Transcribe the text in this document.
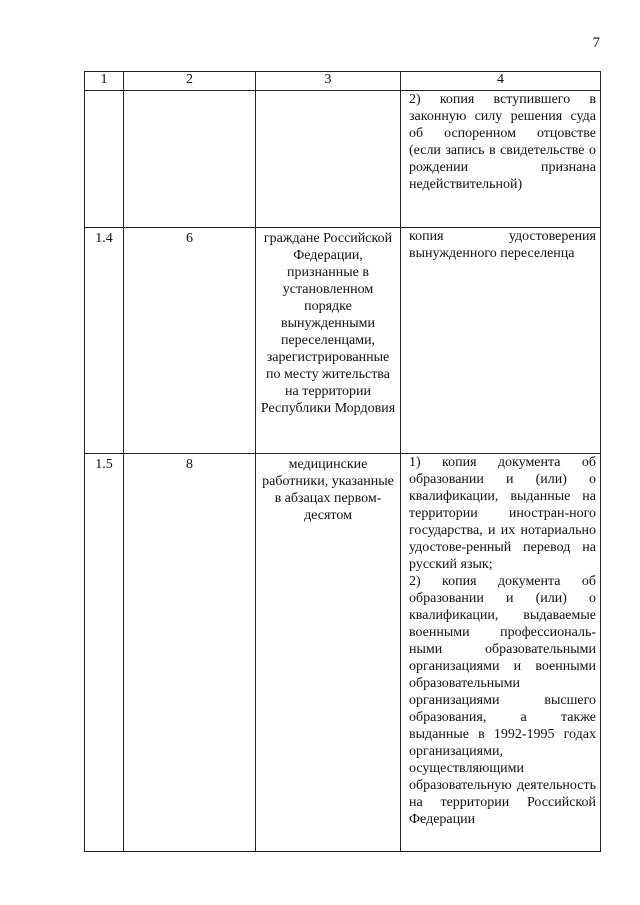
7
1	2	3	4

			2) копия вступившего в законную силу решения суда об оспоренном отцовстве (если запись в свидетельстве о рождении признана недействительной)

1.4	6	граждане Российской Федерации, признанные в установленном порядке вынужденными переселенцами, зарегистрированные по месту жительства на территории Республики Мордовия	копия удостоверения вынужденного переселенца

1.5	8	медицинские работники, указанные в абзацах первом-десятом	1) копия документа об образовании и (или) о квалификации, выданные на территории иностран-ного государства, и их нотариально удостове-ренный перевод на русский язык;

2) копия документа об образовании и (или) о квалификации, выдаваемые военными профессиональ-ными образовательными организациями и военными образовательными организациями высшего образования, а также выданные в 1992-1995 годах организациями, осуществляющими образовательную деятельность на территории Российской Федерации
